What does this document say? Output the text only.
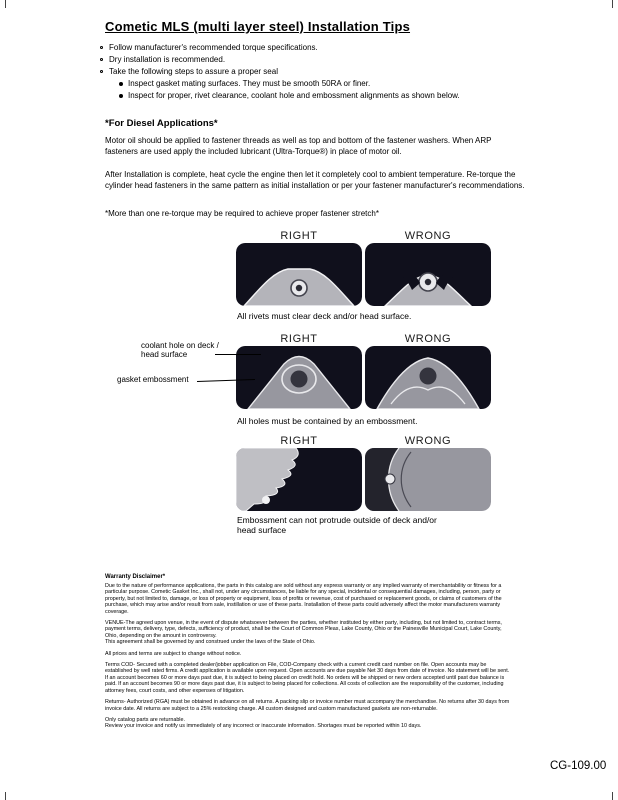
Cometic MLS (multi layer steel) Installation Tips
Follow manufacturer's recommended torque specifications.
Dry installation is recommended.
Take the following steps to assure a proper seal
Inspect gasket mating surfaces. They must be smooth 50RA or finer.
Inspect for proper, rivet clearance, coolant hole and embossment alignments as shown below.
*For Diesel Applications*
Motor oil should be applied to fastener threads as well as top and bottom of the fastener washers. When ARP fasteners are used apply the included lubricant (Ultra-Torque®) in place of motor oil.
After Installation is complete, heat cycle the engine then let it completely cool to ambient temperature. Re-torque the cylinder head fasteners in the same pattern as initial installation or per your fastener manufacturer's recommendations.
*More than one re-torque may be required to achieve proper fastener stretch*
RIGHT	WRONG
All rivets must clear deck and/or head surface.
RIGHT	WRONG
coolant hole on deck / head surface
gasket embossment
All holes must be contained by an embossment.
RIGHT	WRONG
Embossment can not protrude outside of deck and/or head surface
Warranty Disclaimer*

Due to the nature of performance applications, the parts in this catalog are sold without any express warranty or any implied warranty of merchantability or fitness for a particular purpose. Cometic Gasket Inc., shall not, under any circumstances, be liable for any special, incidental or consequential damages, including, person, party or property, but not limited to, damage, or loss of property or equipment, loss of profits or revenue, cost of purchased or replacement goods, or claims of customers of the purchase, which may arise and/or result from sale, instillation or use of these parts. Installation of these parts could adversely affect the motor manufacturers warranty coverage.

VENUE-The agreed upon venue, in the event of dispute whatsoever between the parties, whether instituted by either party, including, but not limited to, contract terms, payment terms, delivery, type, defects, sufficiency of product, shall be the Court of Common Pleas, Lake County, Ohio or the Painesville Municipal Court, Lake County, Ohio, depending on the amount in controversy.

This agreement shall be governed by and construed under the laws of the State of Ohio.

All prices and terms are subject to change without notice.

Terms COD- Secured with a completed dealer/jobber application on File, COD-Company check with a current credit card number on file. Open accounts may be established by well rated firms. A credit application is available upon request. Open accounts are due payable Net 30 days from date of invoice. No statement will be sent. If an account becomes 60 or more days past due, it is subject to being placed on credit hold. No orders will be shipped or new orders accepted until past due balance is paid. If an account becomes 90 or more days past due, it is subject to being placed for collections. All costs of collection are the responsibility of the customer, including attorney fees, court costs, and other expenses of litigation.

Returns- Authorized (RGA) must be obtained in advance on all returns. A packing slip or invoice number must accompany the merchandise. No returns after 30 days from invoice date. All returns are subject to a 25% restocking charge. All custom designed and custom manufactured gaskets are non-returnable.

Only catalog parts are returnable.

Review your invoice and notify us immediately of any incorrect or inaccurate information. Shortages must be reported within 10 days.

CG-109.00
